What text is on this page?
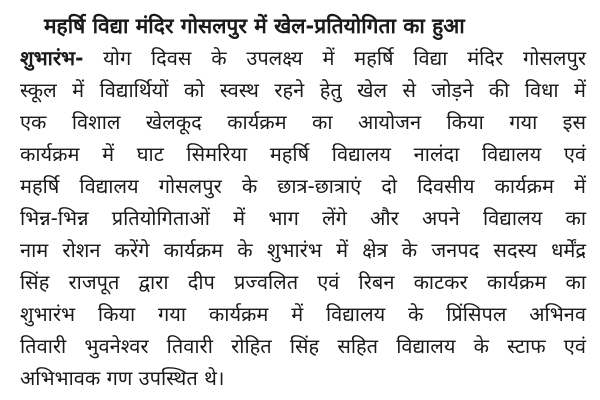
महर्षि विद्या मंदिर गोसलपुर में खेल-प्रतियोगिता का हुआ

शुभारंभ- योग दिवस के उपलक्ष्य में महर्षि विद्या मंदिर गोसलपुर
स्कूल में विद्यार्थियों को स्वस्थ रहने हेतु खेल से जोड़ने की विधा में
एक विशाल खेलकूद कार्यक्रम का आयोजन किया गया इस
कार्यक्रम में घाट सिमरिया महर्षि विद्यालय नालंदा विद्यालय एवं
महर्षि विद्यालय गोसलपुर के छात्र-छात्राएं दो दिवसीय कार्यक्रम में
भिन्न-भिन्न प्रतियोगिताओं में भाग लेंगे और अपने विद्यालय का
नाम रोशन करेंगे कार्यक्रम के शुभारंभ में क्षेत्र के जनपद सदस्य धर्मेंद्र
सिंह राजपूत द्वारा दीप प्रज्वलित एवं रिबन काटकर कार्यक्रम का
शुभारंभ किया गया कार्यक्रम में विद्यालय के प्रिंसिपल अभिनव
तिवारी भुवनेश्वर तिवारी रोहित सिंह सहित विद्यालय के स्टाफ एवं
अभिभावक गण उपस्थित थे।
